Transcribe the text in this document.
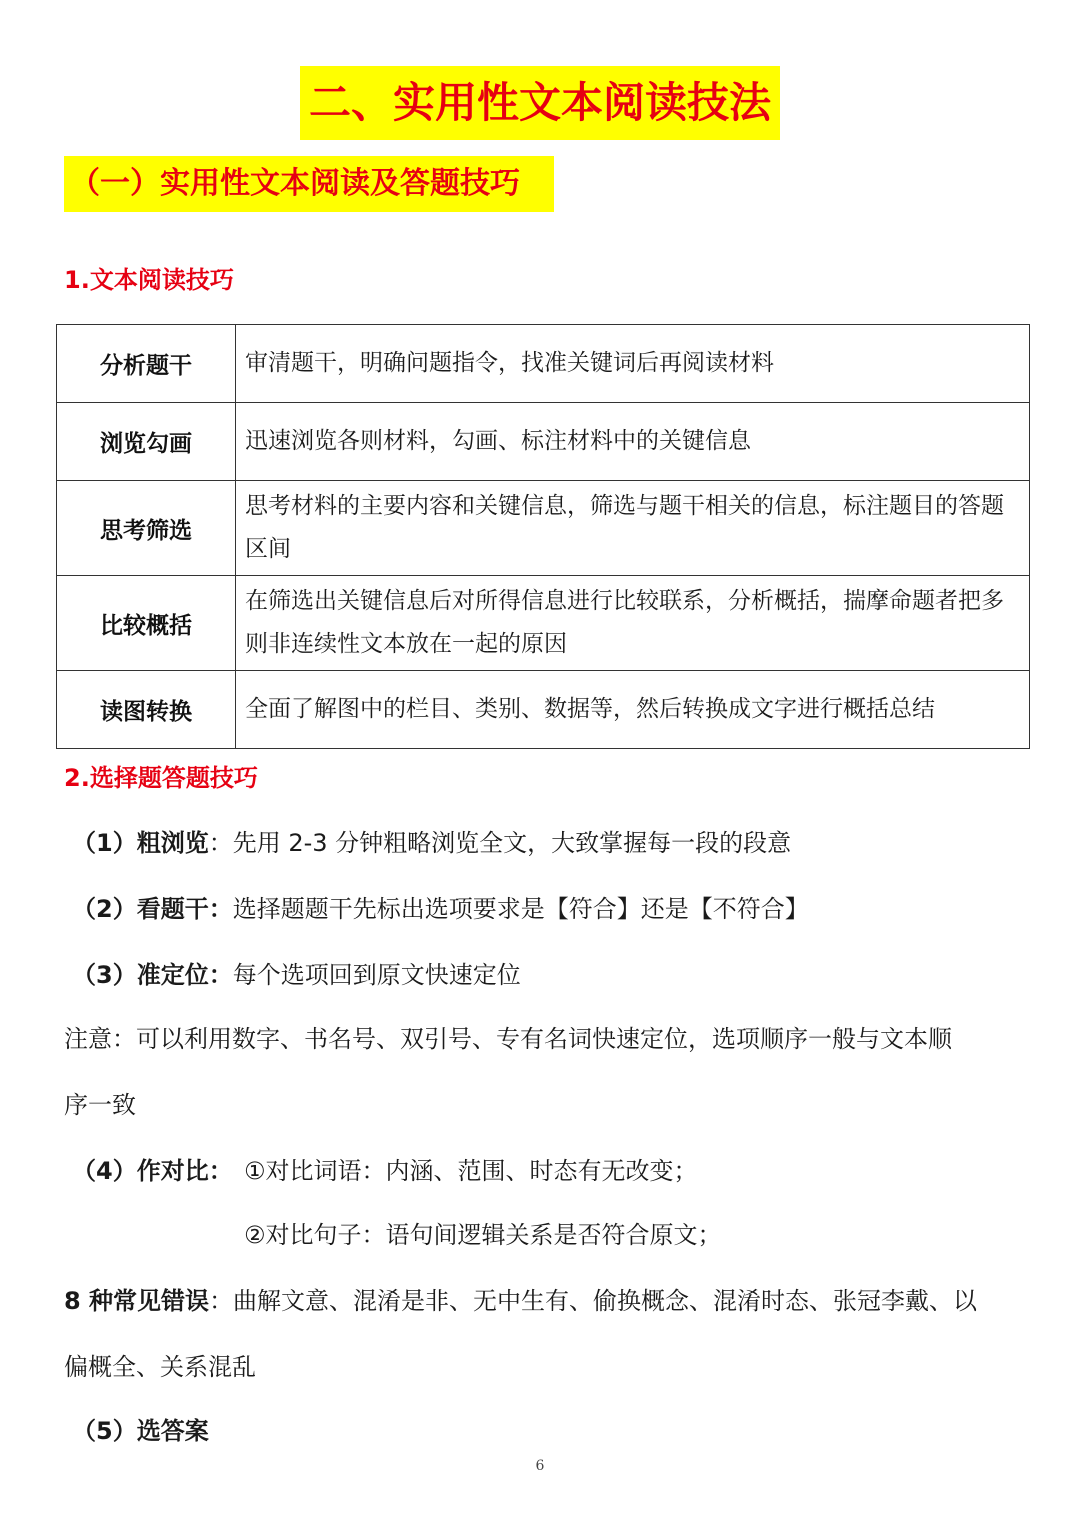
二、实用性文本阅读技法
（一）实用性文本阅读及答题技巧
1.文本阅读技巧
分析题干	审清题干，明确问题指令，找准关键词后再阅读材料
浏览勾画	迅速浏览各则材料，勾画、标注材料中的关键信息
思考筛选	思考材料的主要内容和关键信息，筛选与题干相关的信息，标注题目的答题区间
比较概括	在筛选出关键信息后对所得信息进行比较联系，分析概括，揣摩命题者把多则非连续性文本放在一起的原因
读图转换	全面了解图中的栏目、类别、数据等，然后转换成文字进行概括总结
2.选择题答题技巧
（1）粗浏览：先用 2-3 分钟粗略浏览全文，大致掌握每一段的段意
（2）看题干：选择题题干先标出选项要求是【符合】还是【不符合】
（3）准定位：每个选项回到原文快速定位
注意：可以利用数字、书名号、双引号、专有名词快速定位，选项顺序一般与文本顺
序一致
（4）作对比： ①对比词语：内涵、范围、时态有无改变；
②对比句子：语句间逻辑关系是否符合原文；
8 种常见错误：曲解文意、混淆是非、无中生有、偷换概念、混淆时态、张冠李戴、以
偏概全、关系混乱
（5）选答案
6
